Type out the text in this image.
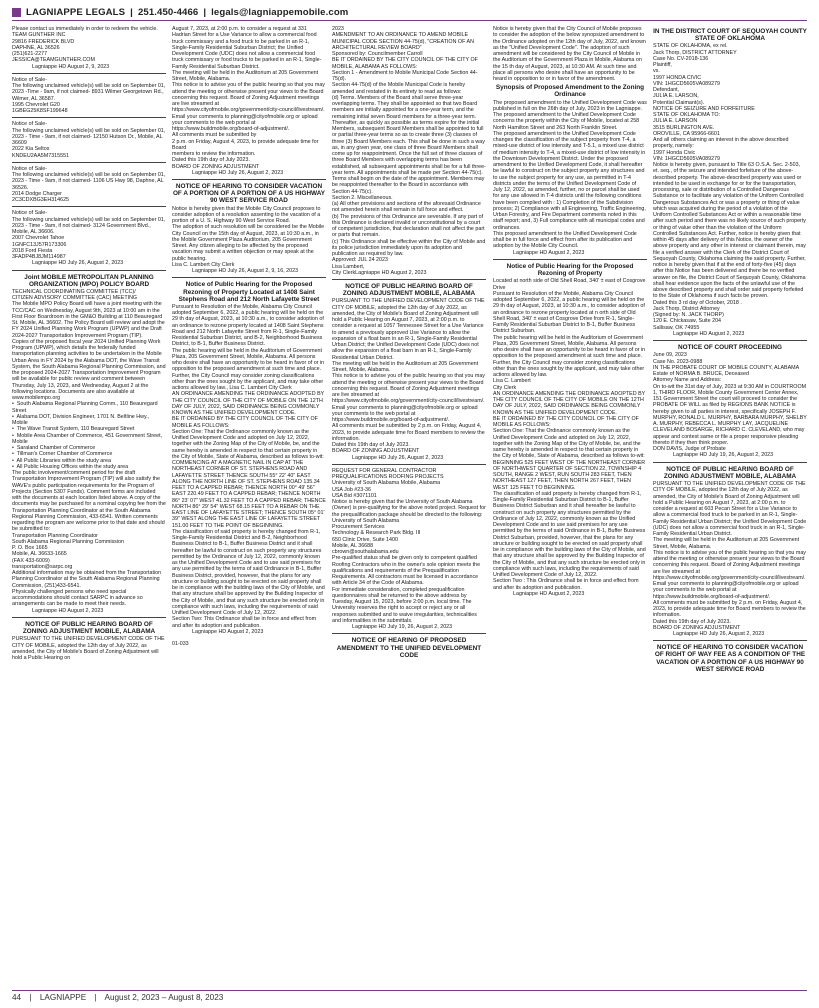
LAGNIAPPE LEGALS | 251.450-4466 | legals@lagniappemobile.com

Please contact us immediately in order to redeem the vehicle.
TEAM GUNTHER INC
29816 FREDERICK BLVD
DAPHNE, AL 36526
(251)621-2277
JESSICA@TEAMGUNTHER.COM

Lagniappe HD August 2, 9, 2023

Notice of Sale-
The following unclaimed vehicle(s) will be sold on September 01, 2023 -Time - 9am, if not claimed- 8931 Wilmer Georgetown Rd., Wilmer, AL 36587.
1995 Chevrolet G20
1GBEG25K8SF199648

Notice of Sale-
The following unclaimed vehicle(s) will be sold on September 01, 2023 - Time - 9am, if not claimed- 12150 Hutson Dr., Mobile, AL 36609
2022 Kia Seltos
KNDEU2AA5M7315551

Notice of Sale-
The following unclaimed vehicle(s) will be sold on September 01, 2023 - Time - 9am, if not claimed- 1106 US Hwy 98, Daphne, AL 36526.
2014 Dodge Charger
2C3CDXBG3EH314625

Notice of Sale-
The following unclaimed vehicle(s) will be sold on September 01, 2023 - Time - 9am, if not claimed- 3124 Government Blvd., Mobile, AL 36606.
2007 Chevrolet Tahoe
1GNFC13J57R173306
2018 Ford Fiesta
3FADP4BJ8JM114987

Lagniappe HD July 26, August 2, 2023

Joint MOBILE METROPOLITAN PLANNING ORGANIZATION (MPO) POLICY BOARD

TECHNICAL COORDINATING COMMITTEE (TCC)/
CITIZEN ADVISORY COMMITTEE (CAC) MEETING
The Mobile MPO Policy Board will have a joint meeting with the TCC/CAC on Wednesday, August 9th, 2023 at 10:00 am in the First Floor Boardroom in the GM&O Building at 110 Beauregard St. Mobile, AL 36602. The Policy Board will review and adopt the FY 2024 Unified Planning Work Program (UPWP) and the Draft 2024-2027 Transportation Improvement Program (TIP).
Copies of the proposed fiscal year 2024 Unified Planning Work Program (UPWP), which details the federally funded transportation planning activities to be undertaken in the Mobile Urban Area in FY 2024 by the Alabama DOT, the Wave Transit System, the South Alabama Regional Planning Commission, and the proposed 2024-2027 Transportation Improvement Program will be available for public review and comment between Thursday, July 13, 2023, and Wednesday, August 2 at the following locations. Documents are also available at www.mobilempo.org
•  South Alabama Regional Planning Comm., 110 Beauregard Street
•  Alabama DOT, Division Engineer, 1701 N. Beltline Hwy., Mobile
•  The Wave Transit System, 110 Beauregard Street
•  Mobile Area Chamber of Commerce, 451 Government Street, Mobile
•  Saraland Chamber of Commerce
•  Tillman's Corner Chamber of Commerce
•  All Public Libraries within the study area
•  All Public Housing Offices within the study area
The public involvement/comment period for the draft Transportation Improvement Program (TIP) will also satisfy the WAVE's public participation requirements for the Program of Projects (Section 5307 Funds). Comment forms are included with the documents at each location listed above. A copy of the documents may be purchased for a nominal copying fee from the Transportation Planning Coordinator at the South Alabama Regional Planning Commission, 433-6541. Written comments regarding the program are welcome prior to that date and should be submitted to:
Transportation Planning Coordinator
South Alabama Regional Planning Commission
P. O. Box 1665
Mobile, AL 36633-1665
(FAX 433-6009)
transportation@sarpc.org
Additional information may be obtained from the Transportation Planning Coordinator at the South Alabama Regional Planning Commission, (251)433-6541.
Physically challenged persons who need special accommodations should contact SARPC in advance so arrangements can be made to meet their needs.

Lagniappe HD August 2, 2023

NOTICE OF PUBLIC HEARING BOARD OF ZONING ADJUSTMENT MOBILE, ALABAMA

PURSUANT TO THE UNIFIED DEVELOPMENT CODE OF THE CITY OF MOBILE, adopted the 12th day of July 2022, as amended, the City of Mobile's Board of Zoning Adjustment will hold a Public Hearing on

August 7, 2023, at 2:00 p.m. to consider a request at 331 Hadrian Street for a Use Variance to allow a commercial food truck commissary and a food truck to be parked in an R-1, Single-Family Residential Suburban District; the Unified Development Code (UDC) does not allow a commercial food truck commissary or food trucks to be parked in an R-1, Single-Family Residential Suburban District.
The meeting will be held in the Auditorium at 205 Government Street, Mobile, Alabama.
This notice is to advise you of the public hearing so that you may attend the meeting or otherwise present your views to the Board concerning this request. Board of Zoning Adjustment meetings are live streamed at https://www.cityofmobile.org/government/city-council/livestream/. Email your comments to planning@cityofmobile.org or upload your comments to the web portal at https://www.buildmobile.org/board-of-adjustment/.
All comments must be submitted by
2 p.m. on Friday, August 4, 2023, to provide adequate time for Board
members to review the information.
Dated this 19th day of July 2023.
BOARD OF ZONING ADJUSTMENT

Lagniappe HD July 26, August 2, 2023

NOTICE OF HEARING TO CONSIDER VACATION OF A PORTION OF A PORTION OF A US HIGHWAY 90 WEST SERVICE ROAD

Notice is hereby given that the Mobile City Council proposes to consider adoption of a resolution assenting to the vacation of a portion of a U. S. Highway 90 West Service Road.
The adoption of such resolution will be considered be the Mobile City Council on the 15th day of August, 2023, at 10:30 a.m., in the Mobile Government Plaza Auditorium, 205 Government Street. Any citizen alleging to be affected by the proposed vacation may submit a written objection or may speak at the public hearing.
Lisa C. Lambert City Clerk

Lagniappe HD July 26, August 2, 9, 16, 2023

Notice of Public Hearing for the Proposed Rezoning of Property Located at 1408 Saint Stephens Road and 212 North Lafayette Street

Pursuant to Resolution of the Mobile, Alabama City Council adopted September 6, 2022, a public hearing will be held on the 29 th day of August, 2023, at 10:30 a.m., to consider adoption of an ordinance to rezone property located at 1408 Saint Stephens Road and 212 North Lafayette Street from R-1, Single-Family Residential Suburban District, and B-2, Neighborhood Business District, to B-1, Buffer Business District.
The public hearing will be held in the Auditorium of Government Plaza, 205 Government Street, Mobile, Alabama. All persons who desire shall have an opportunity to be heard in favor of or in opposition to the proposed amendment at such time and place. Further, the City Council may consider zoning classifications other than the ones sought by the applicant, and may take other actions allowed by law., Lisa C. Lambert City Clerk
AN ORDINANCE AMENDING THE ORDINANCE ADOPTED BY THE CITY COUNCIL OF THE CITY OF MOBILE ON THE 12TH DAY OF JULY, 2022, SAID ORDINANCE BEING COMMONLY KNOWN AS THE UNIFIED DEVELOPMENT CODE.
BE IT ORDAINED BY THE CITY COUNCIL OF THE CITY OF MOBILE AS FOLLOWS:
Section One: That the Ordinance commonly known as the Unified Development Code and adopted on July 12, 2022, together with the Zoning Map of the City of Mobile, be, and the same hereby is amended in respect to that certain property in the City of Mobile, State of Alabama, described as follows to-wit:
COMMENCING AT A MAGNETIC NAIL IN CAP AT THE NORTHEAST CORNER OF ST. STEPHENS ROAD AND LAFAYETTE STREET THENCE SOUTH 55° 22' 40" EAST ALONG THE NORTH LINE OF ST. STEPHENS ROAD 135.34 FEET TO A CAPPED REBAR; THENCE NORTH 00° 49' 56" EAST 220.49 FEET TO A CAPPED REBAR; THENCE NORTH 86° 23' 07" WEST 41.32 FEET TO A CAPPED REBAR; THENCE NORTH 86° 29' 54" WEST 68.15 FEET TO A REBAR ON THE EAST LINE OF LAFAYETTE STREET; THENCE SOUTH 05° 01' 39" WEST ALONG THE EAST LINE OF LAFAYETTE STREET 151.00 FEET TO THE POINT OF BEGINNING.
The classification of said property is hereby changed from R-1, Single-Family Residential District and B-2, Neighborhood Business District to B-1, Buffer Business District and it shall hereafter be lawful to construct on such property any structures permitted by the Ordinance of July 12, 2022, commonly known as the Unified Development Code and to use said premises for any use permitted by the terms of said Ordinance in B-1, Buffer Business District, provided, however, that the plans for any structure or building sought to be erected on said property shall be in compliance with the building laws of the City of Mobile, and that any structure shall be approved by the Building Inspector of the City of Mobile, and that any such structure be erected only in compliance with such laws, including the requirements of said Unified Development Code of July 12, 2022.
Section Two: This Ordinance shall be in force and effect from and after its adoption and publication.

Lagniappe HD August 2, 2023

01-033

2023
AMENDMENT TO AN ORDINANCE TO AMEND MOBILE MUNICIPAL CODE SECTION 44-75(d), "CREATION OF AN ARCHITECTURAL REVIEW BOARD"
Sponsored by: Councilmember Carroll
BE IT ORDAINED BY THE CITY COUNCIL OF THE CITY OF MOBILE, ALABAMA AS FOLLOWS:
Section 1 - Amendment to Mobile Municipal Code Section 44-75(d).
Section 44-75(d) of the Mobile Municipal Code is hereby amended and restated in its entirety to read as follows:
(d) Terms. Members of the Board shall serve three-year overlapping terms. They shall be appointed so that two Board members are initially appointed for a one-year term, and the remaining initial seven Board members for a three-year term. Thereafter, as quickly as possible as terms expire for the initial Members, subsequent Board Members shall be appointed to full or partial three-year terms so as to create three (3) classes of three (3) Board Members each. This shall be done in such a way as, in any given year, one class of three Board Members shall come up for reappointment. Once the full set of three classes of three Board Members with overlapping terms has been established, all subsequent appointments shall be for a full three-year term. All appointments shall be made per Section 44-75(c). Terms shall begin on the date of the appointment. Members may be reappointed thereafter to the Board in accordance with Section 44-75(c).
Section 2. Miscellaneous.
(a) All other provisions and sections of the aforesaid Ordinance not amended herein shall remain in full force and effect.
(b) The provisions of this Ordinance are severable. If any part of this Ordinance is declared invalid or unconstitutional by a court of competent jurisdiction, that declaration shall not affect the part or parts that remain.
(c) This Ordinance shall be effective within the City of Mobile and its police jurisdiction immediately upon its adoption and publication as required by law.
Approved: JUL 24 2023
Lisa Lambert,
City ClerkLagniappe HD August 2, 2023

NOTICE OF PUBLIC HEARING BOARD OF ZONING ADJUSTMENT MOBILE, ALABAMA

PURSUANT TO THE UNIFIED DEVELOPMENT CODE OF THE CITY OF MOBILE, adopted the 12th day of July 2022, as amended, the City of Mobile's Board of Zoning Adjustment will hold a Public Hearing on August 7, 2023, at 2:00 p.m. to consider a request at 1057 Tennessee Street for a Use Variance to amend a previously approved Use Variance to allow the expansion of a float barn in an R-1, Single-Family Residential Urban District; the Unified Development Code (UDC) does not allow the expansion of a float barn in an R-1, Single-Family Residential Urban District.
The meeting will be held in the Auditorium at 205 Government Street, Mobile, Alabama.
This notice is to advise you of the public hearing so that you may attend the meeting or otherwise present your views to the Board concerning this request. Board of Zoning Adjustment meetings are live streamed at https://www.cityofmobile.org/government/city-council/livestream/. Email your comments to planning@cityofmobile.org or upload your comments to the web portal at https://www.buildmobile.org/board-of-adjustment/.
All comments must be submitted by 2 p.m. on Friday, August 4, 2023, to provide adequate time for Board members to review the information.
Dated this 19th day of July 2023.
BOARD OF ZONING ADJUSTMENT

Lagniappe HD July 26, August 2, 2023

REQUEST FOR GENERAL CONTRACTOR PREQUALIFICATIONS ROOFING PROJECTS
University of South Alabama Mobile, Alabama
USA Job #23-36
USA Bid #3071101
Notice is hereby given that the University of South Alabama (Owner) is pre-qualifying for the above noted project. Request for the prequalification package should be directed to the following:
University of South Alabama
Procurement Services
Technology & Research Park Bldg. III
650 Clinic Drive, Suite 1400
Mobile, AL 36688
cbrown@southalabama.edu
Pre-qualified status shall be given only to competent qualified Roofing Contractors who in the owner's sole opinion meets the qualifications and requirements of the Prequalification Requirements. All contractors must be licensed in accordance with Article 34 of the Code of Alabama.
For immediate consideration, completed prequalification questionnaires shall be returned to the above address by Tuesday, August 15, 2023, before 2:00 p.m. local time. The University reserves the right to accept or reject any or all responses submitted and to waive irregularities, technicalities and informalities in the submittals.

Lagniappe HD July 19, 26, August 2, 2023

NOTICE OF HEARING OF PROPOSED AMENDMENT TO THE UNIFIED DEVELOPMENT CODE

Notice is hereby given that the City Council of Mobile proposes to consider the adoption of the below synopsized amendment to the Ordinance adopted on the 12th day of July, 2022, and known as the "Unified Development Code". The adoption of such amendment will be considered by the City Council of Mobile in the Auditorium of the Government Plaza in Mobile, Alabama on the 15 th day of August, 2023, at 10:30 AM. At such time and place all persons who desire shall have an opportunity to be heard in opposition to or in favor of the amendment.

Synopsis of Proposed Amendment to the Zoning Ordinance

The proposed amendment to the Unified Development Code was published in full on the 26th day of July, 2023 in the Lagniappe.
The proposed amendment to the Unified Development Code concerns the property within the City of Mobile, located at 258 North Hamilton Street and 263 North Franklin Street.
The proposed amendment to the Unified Development Code changes the classification of the subject property from T-4, a mixed-use district of low intensity and T-5.1, a mixed use district of medium intensity to T-4, a mixed-use district of low intensity in the Downtown Development District. Under the proposed amendment to the Unified Development Code, it shall hereafter be lawful to construct on the subject property any structures and to use the subject property for any use, as permitted in T-4 districts under the terms of the Unified Development Code of July 12, 2022, as amended, further, no or parcel shall be used for any use allowed in T-4 districts until the following conditions have been complied with : 1) Completion of the Subdivision process; 2) Compliance with all Engineering, Traffic Engineering, Urban Forestry, and Fire Department comments noted in this staff report; and, 3) Full compliance with all municipal codes and ordinances.
This proposed amendment to the Unified Development Code shall be in full force and effect from after its publication and adoption by the Mobile City Council.

Lagniappe HD August 2, 2023

Notice of Public Hearing for the Proposed Rezoning of Property

Located at north side of Old Shell Road, 340' ± east of Cosgrove Drive
Pursuant to Resolution of the Mobile, Alabama City Council adopted September 6, 2022, a public hearing will be held on the 29 th day of August, 2023, at 10:30 a.m., to consider adoption of an ordinance to rezone property located at n orth side of Old Shell Road, 340' ± east of Cosgrove Drive from R-1, Single-Family Residential Suburban District to B-1, Buffer Business District Suburban.
The public hearing will be held in the Auditorium of Government Plaza, 205 Government Street, Mobile, Alabama. All persons who desire shall have an opportunity to be heard in favor of or in opposition to the proposed amendment at such time and place. Further, the City Council may consider zoning classifications other than the ones sought by the applicant, and may take other actions allowed by law.
Lisa C. Lambert
City Clerk
AN ORDINANCE AMENDING THE ORDINANCE ADOPTED BY THE CITY COUNCIL OF THE CITY OF MOBILE ON THE 12TH DAY OF JULY, 2022, SAID ORDINANCE BEING COMMONLY KNOWN AS THE UNIFIED DEVELOPMENT CODE.
BE IT ORDAINED BY THE CITY COUNCIL OF THE CITY OF MOBILE AS FOLLOWS:
Section One: That the Ordinance commonly known as the Unified Development Code and adopted on July 12, 2022, together with the Zoning Map of the City of Mobile, be, and the same hereby is amended in respect to that certain property in the City of Mobile, State of Alabama, described as follows to-wit:
BEGINNING 525 FEET WEST OF THE NORTHEAST CORNER OF NORTHWEST QUARTER OF SECTION 22, TOWNSHIP 4 SOUTH, RANGE 2 WEST, RUN SOUTH 283 FEET, THEN NORTHEAST 127 FEET, THEN NORTH 267 FEET, THEN WEST 125 FEET TO BEGINNING.
The classification of said property is hereby changed from R-1, Single-Family Residential Suburban District to B-1, Buffer Business District Suburban and it shall hereafter be lawful to construct on such property any structures permitted by the Ordinance of July 12, 2022, commonly known as the Unified Development Code and to use said premises for any use permitted by the terms of said Ordinance in B-1, Buffer Business District Suburban, provided, however, that the plans for any structure or building sought to be erected on said property shall be in compliance with the building laws of the City of Mobile, and that any structure shall be approved by the Building Inspector of the City of Mobile, and that any such structure be erected only in compliance with such laws, including the requirements of said Unified Development Code of July 12, 2022.
Section Two : This Ordinance shall be in force and effect from and after its adoption and publication.

Lagniappe HD August 2, 2023

IN THE DISTRICT COURT OF SEQUOYAH COUNTY STATE OF OKLAHOMA

STATE OF OKLAHOMA, ex rel.
Jack Thorp, DISTRICT ATTORNEY
Case No. CV-2018-136
Plaintiff,
vs.
1997 HONDA CIVIC
VIN: 1HGCD5605VA089279
Defendant,
JULIA E. LARSON,
Potential Claimant(s).
NOTICE OF SEIZURE AND FORFEITURE
STATE OF OKLAHOMA TO:
JULIA E. LARSON
3515 BURLINGTON AVE.
OROVILLE, CA 95966-6601
And all others claiming an interest in the above described property, namely:
1997 Honda Civic
VIN: 1HGCD5605VA089279
Notice is hereby given, pursuant to Title 63 O.S.A. Sec. 2-503, et. seq., of the seizure and intended forfeiture of the above-described property. The above-described property was used or intended to be used in exchange for or for the transportation, processing, sale or distribution of a Controlled Dangerous Substance or to facilitate any violation of the Uniform Controlled Dangerous Substances Act or was a property or thing of value which was acquired during the period of a violation of the Uniform Controlled Substances Act or within a reasonable time after such period and there was no likely source of such property or thing of value other than the violation of the Uniform Controlled Substances Act. Further, notice is hereby given that within 45 days after delivery of this Notice, the owner of the above property and any other in interest or claimant therein, may file a verified answer with the Clerk of the District Court of Sequoyah County, Oklahoma claiming the said property. Further, notice is hereby given that if at the end of forty-five (45) days after this Notice has been delivered and there be no verified answer on file, the District Court of Sequoyah County, Oklahoma shall hear evidence upon the facts of the unlawful use of the above described property and shall order said property forfeited to the State of Oklahoma if such facts be proven.
Dated this 3 rd day of October, 2018 .
Jack Thorp, District Attorney
(Signed by: N. JACK THORP)
120 E. Chickasaw, Suite 204
Sallisaw, OK 74955

Lagniappe HD August 2, 2023

NOTICE OF COURT PROCEEDING

June 09, 2023
Case No. 2023-0988
IN THE PROBATE COURT OF MOBILE COUNTY, ALABAMA
Estate of NORMA B. BRUCE, Deceased
Attorney Name and Address:
On to-wit the 31st day of July, 2023 at 9:30 AM in COURTROOM 1, THIRD FLOOR, Mobile County Government Center Annex, 151 Government Street the court will proceed to consider the PROBATE OF WILL as filed by REGIONS BANK NOTICE is hereby given to all parties in interest, specifically JOSEPH F. MURPHY, RONALD L. MURPHY, BARBARA MURPHY, SHELBY A. MURPHY, REBECCA L. MURPHY LAY, JACQUELINE CLEVELAND BOSARGE, RICHARD C. CLEVELAND, who may appear and contest same or file a proper responsive pleading thereto if they then think proper.
DON DAVIS, Judge of Probate

Lagniappe HD July 19, 26, August 2, 2023

NOTICE OF PUBLIC HEARING BOARD OF ZONING ADJUSTMENT MOBILE, ALABAMA

PURSUANT TO THE UNIFIED DEVELOPMENT CODE OF THE CITY OF MOBILE, adopted the 12th day of July 2022, as amended, the City of Mobile's Board of Zoning Adjustment will hold a Public Hearing on August 7, 2023, at 2:00 p.m. to consider a request at 603 Pecan Street for a Use Variance to allow a commercial food truck to be parked in an R-1, Single-Family Residential Urban District; the Unified Development Code (UDC) does not allow a commercial food truck in an R-1, Single-Family Residential Urban District.
The meeting will be held in the Auditorium at 205 Government Street, Mobile, Alabama.
This notice is to advise you of the public hearing so that you may attend the meeting or otherwise present your views to the Board concerning this request. Board of Zoning Adjustment meetings are live streamed at https://www.cityofmobile.org/government/city-council/livestream/. Email your comments to planning@cityofmobile.org or upload your comments to the web portal at https://www.buildmobile.org/board-of-adjustment/.
All comments must be submitted by 2 p.m. on Friday, August 4, 2023, to provide adequate time for Board members to review the information.
Dated this 19th day of July 2023.
BOARD OF ZONING ADJUSTMENT

Lagniappe HD July 26, August 2, 2023

NOTICE OF HEARING TO CONSIDER VACATION OF RIGHT OF WAY FEE AS A CONDITION OF THE VACATION OF A PORTION OF A US HIGHWAY 90 WEST SERVICE ROAD
44 | LAGNIAPPE | August 2, 2023 – August 8, 2023
